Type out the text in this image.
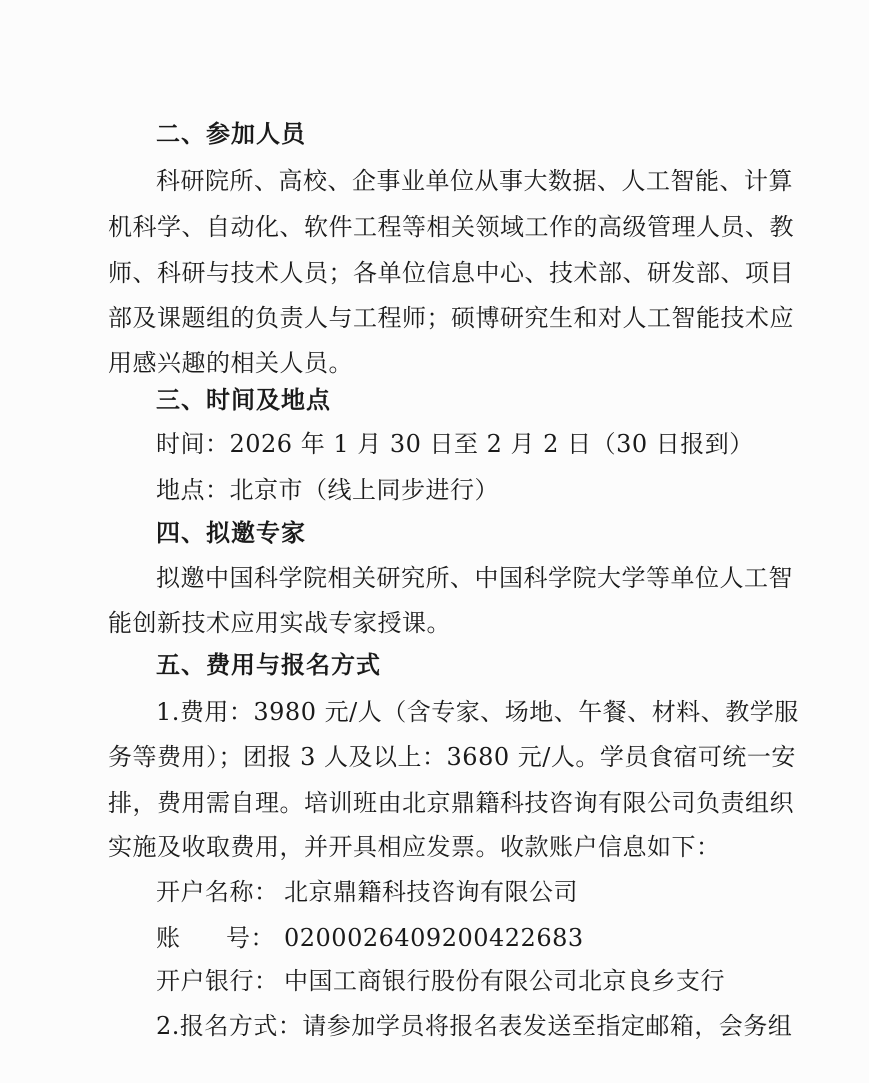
二、参加人员
科研院所、高校、企事业单位从事大数据、人工智能、计算
机科学、自动化、软件工程等相关领域工作的高级管理人员、教
师、科研与技术人员；各单位信息中心、技术部、研发部、项目
部及课题组的负责人与工程师；硕博研究生和对人工智能技术应
用感兴趣的相关人员。
三、时间及地点
时间：2026 年 1 月 30 日至 2 月 2 日（30 日报到）
地点：北京市（线上同步进行）
四、拟邀专家
拟邀中国科学院相关研究所、中国科学院大学等单位人工智
能创新技术应用实战专家授课。
五、费用与报名方式
1.费用：3980 元/人（含专家、场地、午餐、材料、教学服
务等费用）；团报 3 人及以上：3680 元/人。学员食宿可统一安
排，费用需自理。培训班由北京鼎籍科技咨询有限公司负责组织
实施及收取费用，并开具相应发票。收款账户信息如下：
开户名称： 北京鼎籍科技咨询有限公司
账 号： 0200026409200422683
开户银行： 中国工商银行股份有限公司北京良乡支行
2.报名方式：请参加学员将报名表发送至指定邮箱，会务组
